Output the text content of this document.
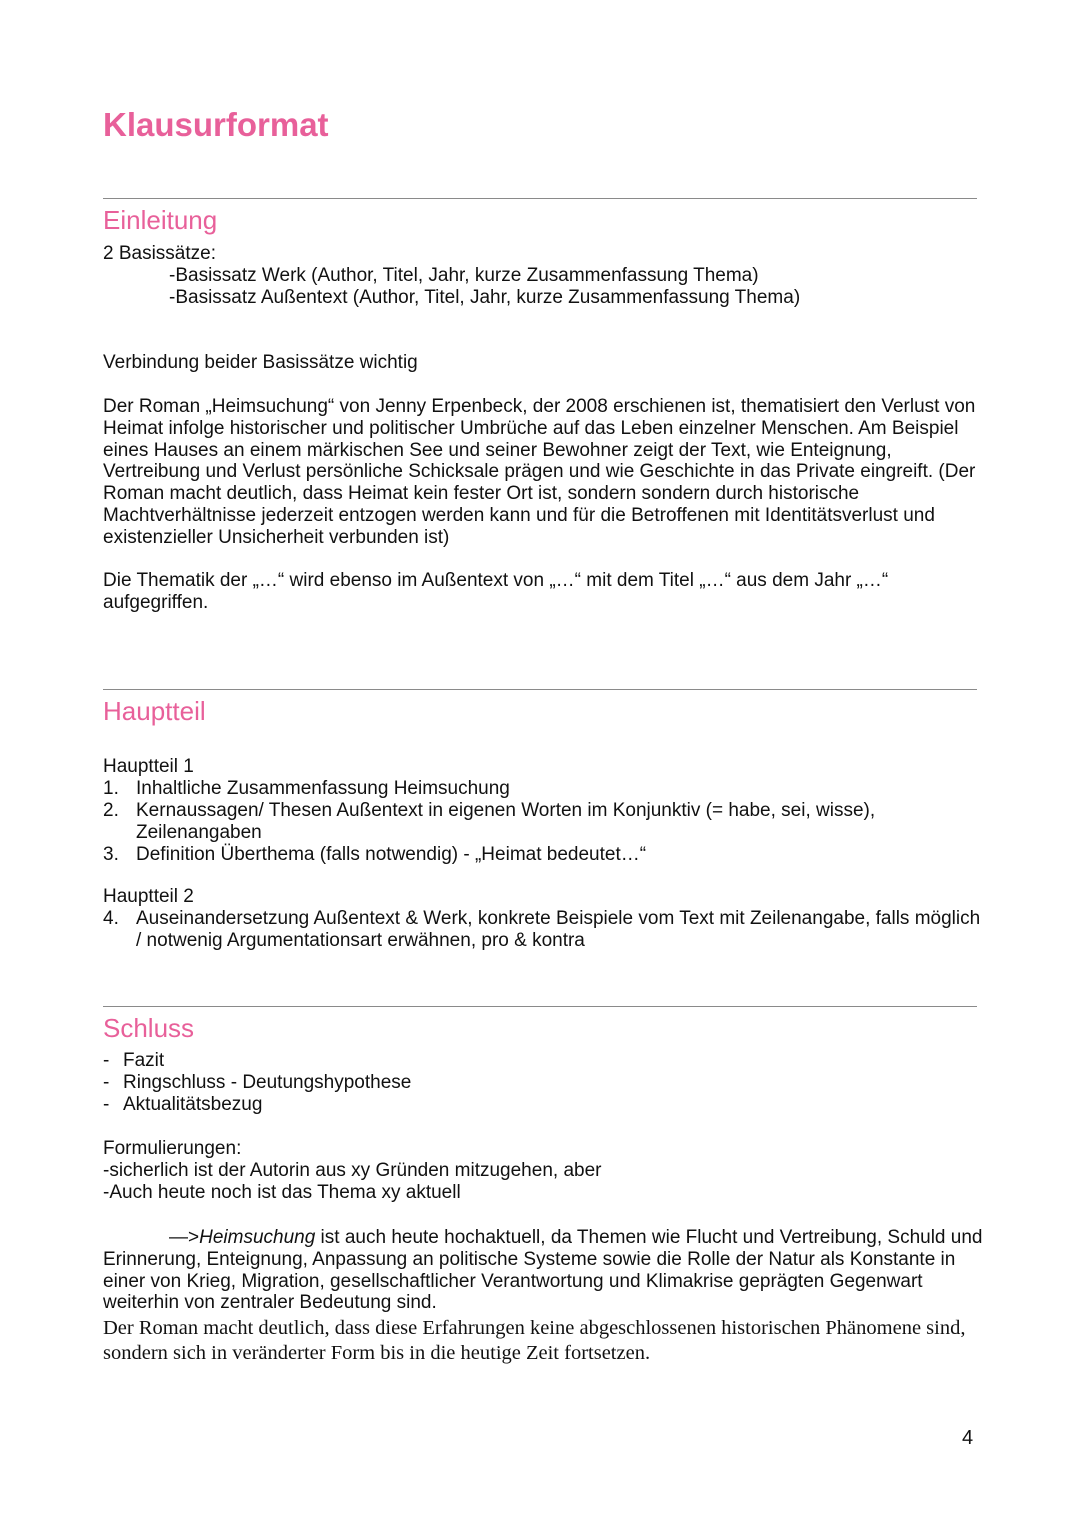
Klausurformat
Einleitung

2 Basissätze:

-Basissatz Werk (Author, Titel, Jahr, kurze Zusammenfassung Thema)

-Basissatz Außentext (Author, Titel, Jahr, kurze Zusammenfassung Thema)

Verbindung beider Basissätze wichtig

Der Roman „Heimsuchung“ von Jenny Erpenbeck, der 2008 erschienen ist, thematisiert den Verlust von Heimat infolge historischer und politischer Umbrüche auf das Leben einzelner Menschen. Am Beispiel eines Hauses an einem märkischen See und seiner Bewohner zeigt der Text, wie Enteignung, Vertreibung und Verlust persönliche Schicksale prägen und wie Geschichte in das Private eingreift. (Der Roman macht deutlich, dass Heimat kein fester Ort ist, sondern sondern durch historische Machtverhältnisse jederzeit entzogen werden kann und für die Betroffenen mit Identitätsverlust und existenzieller Unsicherheit verbunden ist)

Die Thematik der „…“ wird ebenso im Außentext von „…“ mit dem Titel „…“ aus dem Jahr „…“ aufgegriffen.

Hauptteil

Hauptteil 1

1. Inhaltliche Zusammenfassung Heimsuchung
2. Kernaussagen/ Thesen Außentext in eigenen Worten im Konjunktiv (= habe, sei, wisse), Zeilenangaben
3. Definition Überthema (falls notwendig) - „Heimat bedeutet…“

Hauptteil 2

4. Auseinandersetzung Außentext & Werk, konkrete Beispiele vom Text mit Zeilenangabe, falls möglich / notwenig Argumentationsart erwähnen, pro & kontra
Schluss
- Fazit
- Ringschluss - Deutungshypothese
- Aktualitätsbezug

Formulierungen:

-sicherlich ist der Autorin aus xy Gründen mitzugehen, aber

-Auch heute noch ist das Thema xy aktuell

—>Heimsuchung ist auch heute hochaktuell, da Themen wie Flucht und Vertreibung, Schuld und Erinnerung, Enteignung, Anpassung an politische Systeme sowie die Rolle der Natur als Konstante in einer von Krieg, Migration, gesellschaftlicher Verantwortung und Klimakrise geprägten Gegenwart weiterhin von zentraler Bedeutung sind.

Der Roman macht deutlich, dass diese Erfahrungen keine abgeschlossenen historischen Phänomene sind, sondern sich in veränderter Form bis in die heutige Zeit fortsetzen.

4
